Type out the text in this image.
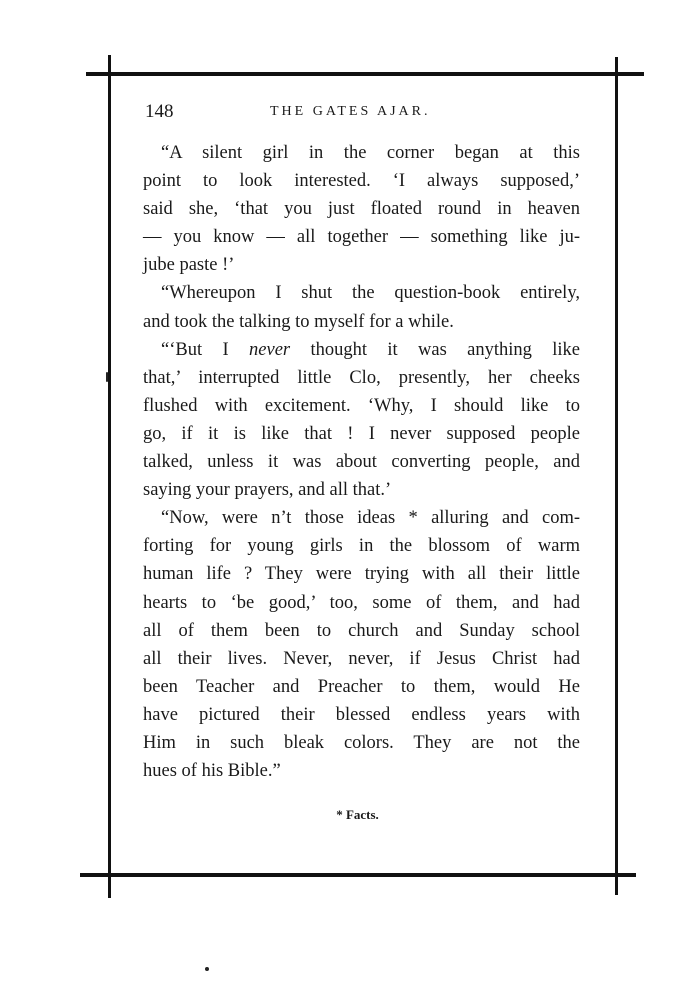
148	THE GATES AJAR.
“A silent girl in the corner began at this
point to look interested. ‘I always supposed,’
said she, ‘that you just floated round in heaven
— you know — all together — something like ju-
jube paste !’
“Whereupon I shut the question-book entirely,
and took the talking to myself for a while.
“‘But I never thought it was anything like
that,’ interrupted little Clo, presently, her cheeks
flushed with excitement. ‘Why, I should like to
go, if it is like that ! I never supposed people
talked, unless it was about converting people, and
saying your prayers, and all that.’
“Now, were n’t those ideas * alluring and com-
forting for young girls in the blossom of warm
human life ? They were trying with all their little
hearts to ‘be good,’ too, some of them, and had
all of them been to church and Sunday school
all their lives. Never, never, if Jesus Christ had
been Teacher and Preacher to them, would He
have pictured their blessed endless years with
Him in such bleak colors. They are not the
hues of his Bible.”
* Facts.
